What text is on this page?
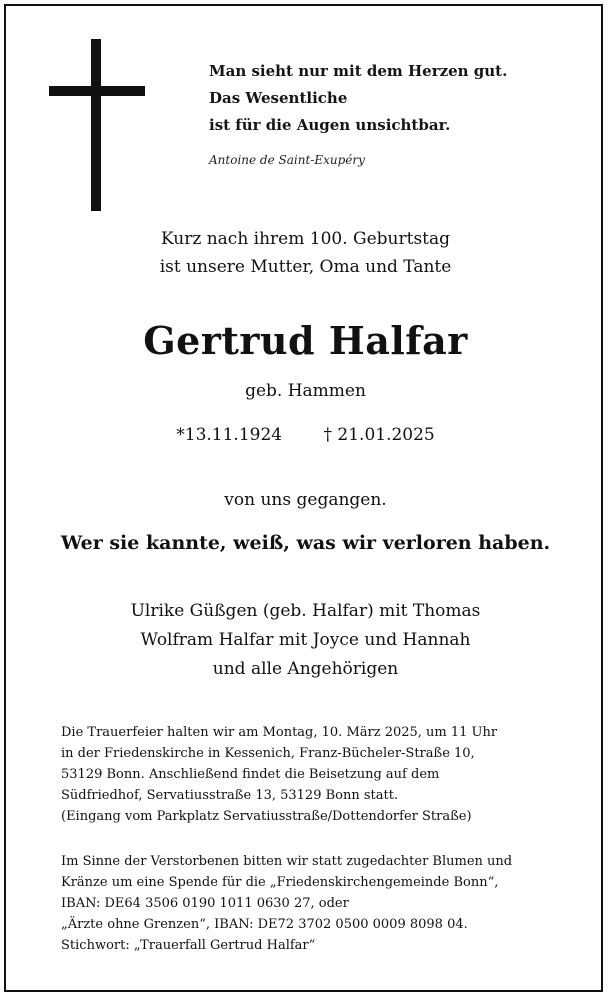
Man sieht nur mit dem Herzen gut.
Das Wesentliche
ist für die Augen unsichtbar.
Antoine de Saint-Exupéry
Kurz nach ihrem 100. Geburtstag
ist unsere Mutter, Oma und Tante
Gertrud Halfar
geb. Hammen
*13.11.1924 † 21.01.2025
von uns gegangen.
Wer sie kannte, weiß, was wir verloren haben.
Ulrike Güßgen (geb. Halfar) mit Thomas
Wolfram Halfar mit Joyce und Hannah
und alle Angehörigen
Die Trauerfeier halten wir am Montag, 10. März 2025, um 11 Uhr
in der Friedenskirche in Kessenich, Franz-Bücheler-Straße 10,
53129 Bonn. Anschließend findet die Beisetzung auf dem
Südfriedhof, Servatiusstraße 13, 53129 Bonn statt.
(Eingang vom Parkplatz Servatiusstraße/Dottendorfer Straße)
Im Sinne der Verstorbenen bitten wir statt zugedachter Blumen und
Kränze um eine Spende für die „Friedenskirchengemeinde Bonn“,
IBAN: DE64 3506 0190 1011 0630 27, oder
„Ärzte ohne Grenzen“, IBAN: DE72 3702 0500 0009 8098 04.
Stichwort: „Trauerfall Gertrud Halfar“
